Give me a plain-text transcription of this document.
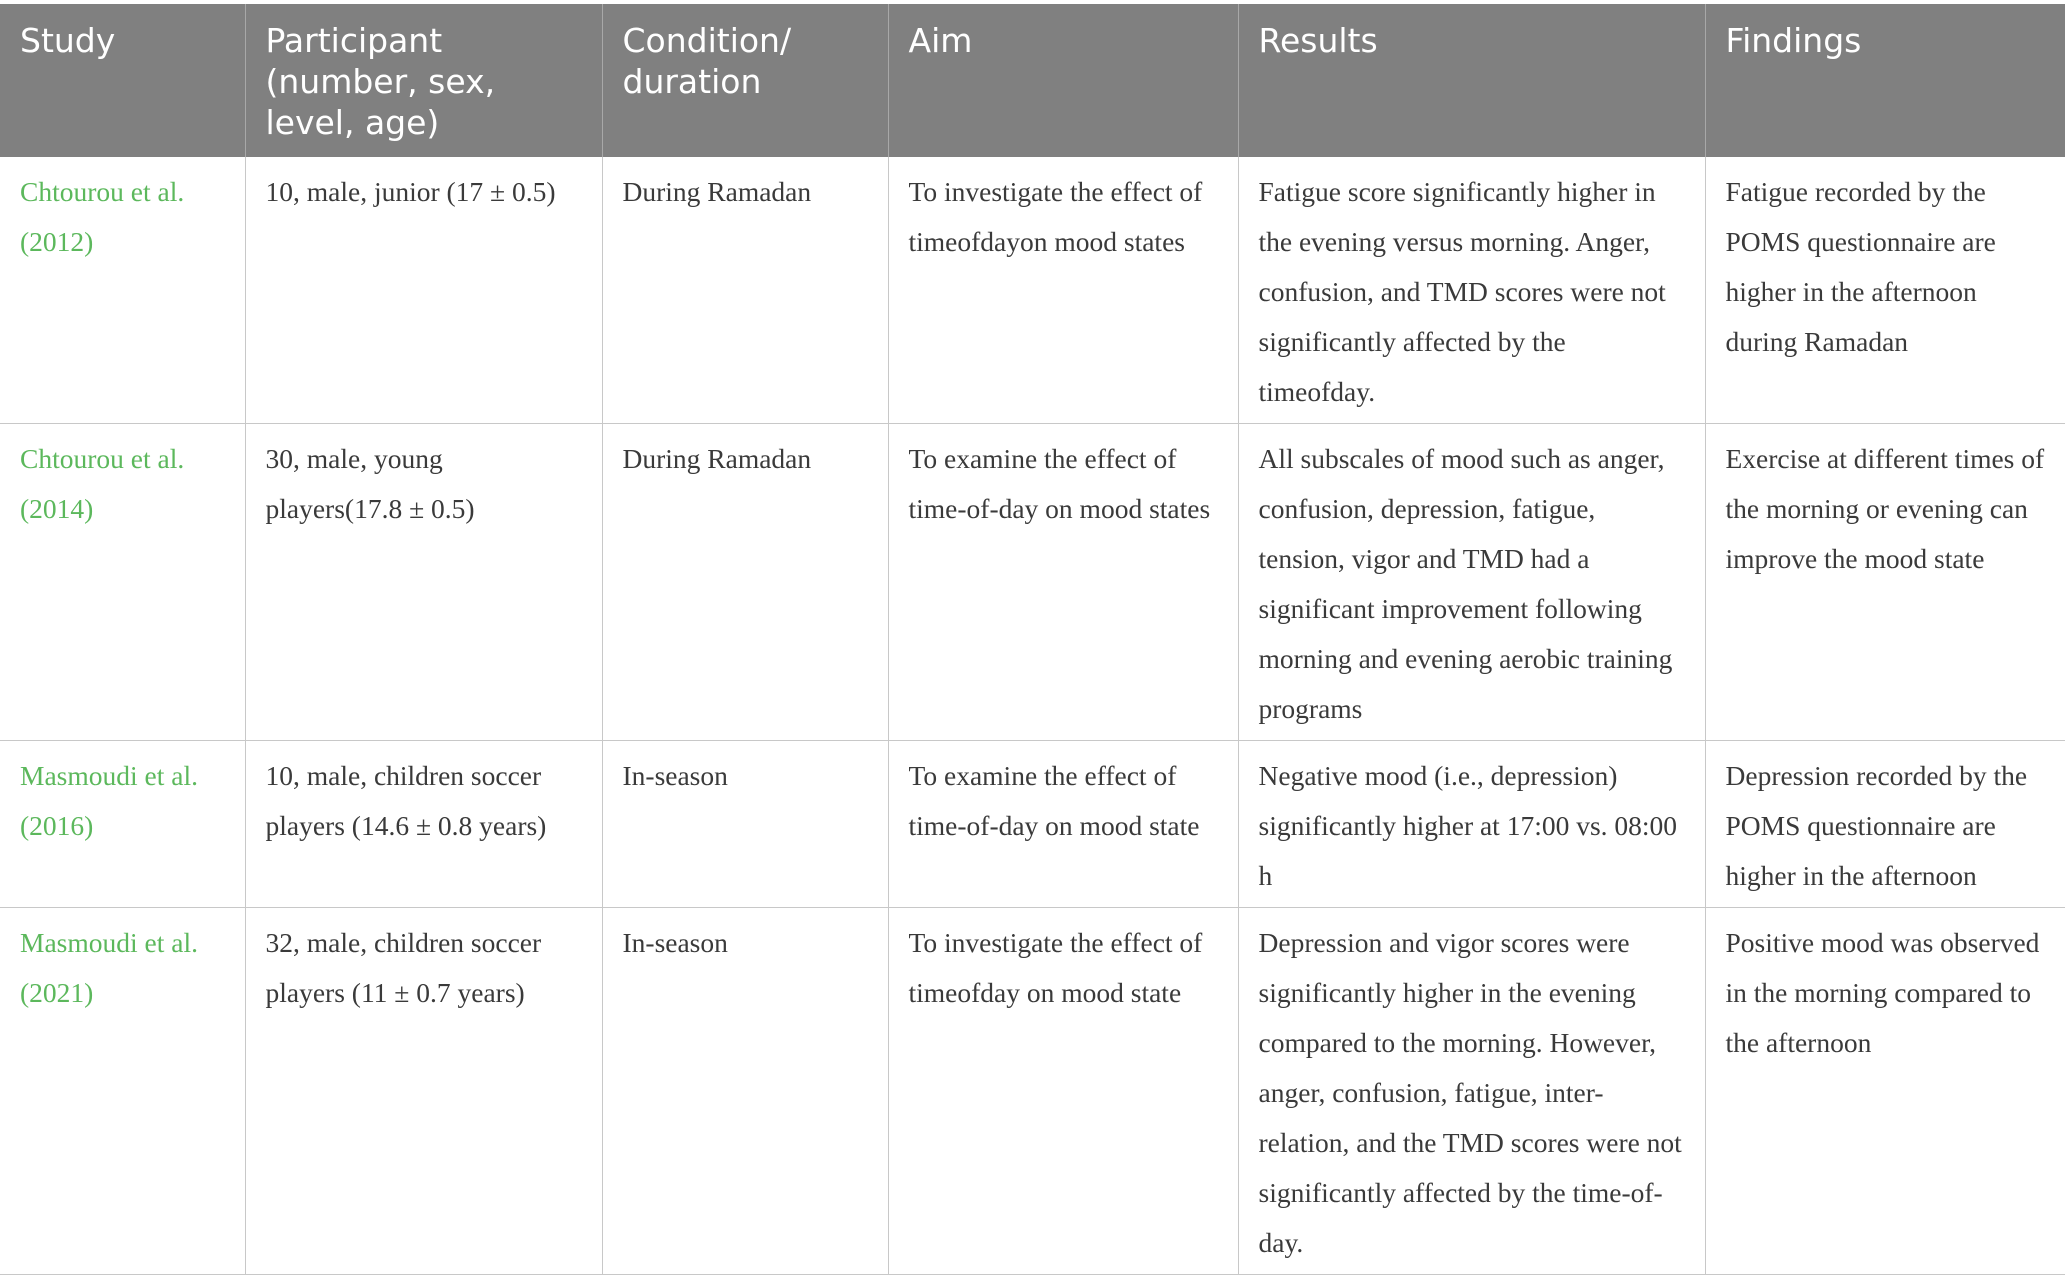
Study	Participant (number, sex, level, age)	Condition/ duration	Aim	Results	Findings
Chtourou et al. (2012)	10, male, junior (17 ± 0.5)	During Ramadan	To investigate the effect of timeofdayon mood states	Fatigue score significantly higher in the evening versus morning. Anger, confusion, and TMD scores were not significantly affected by the timeofday.	Fatigue recorded by the POMS questionnaire are higher in the afternoon during Ramadan
Chtourou et al. (2014)	30, male, young players(17.8 ± 0.5)	During Ramadan	To examine the effect of time-of-day on mood states	All subscales of mood such as anger, confusion, depression, fatigue, tension, vigor and TMD had a significant improvement following morning and evening aerobic training programs	Exercise at different times of the morning or evening can improve the mood state
Masmoudi et al. (2016)	10, male, children soccer players (14.6 ± 0.8 years)	In-season	To examine the effect of time-of-day on mood state	Negative mood (i.e., depression) significantly higher at 17:00 vs. 08:00 h	Depression recorded by the POMS questionnaire are higher in the afternoon
Masmoudi et al. (2021)	32, male, children soccer players (11 ± 0.7 years)	In-season	To investigate the effect of timeofday on mood state	Depression and vigor scores were significantly higher in the evening compared to the morning. However, anger, confusion, fatigue, inter-relation, and the TMD scores were not significantly affected by the time-of-day.	Positive mood was observed in the morning compared to the afternoon
